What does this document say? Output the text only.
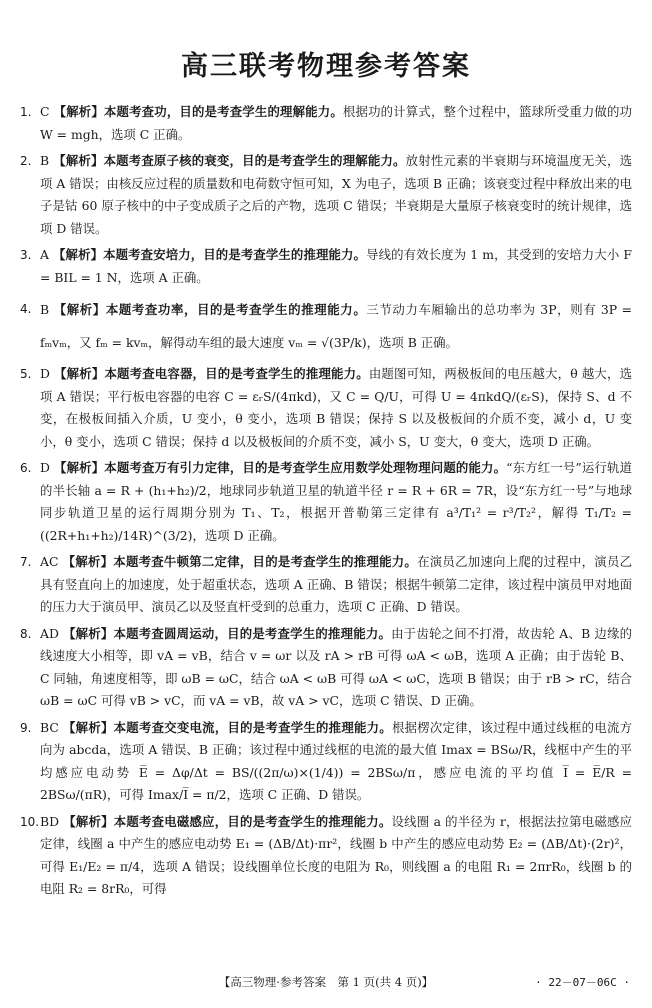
高三联考物理参考答案
1. C 【解析】本题考查功，目的是考查学生的理解能力。根据功的计算式，整个过程中，篮球所受重力做的功 W = mgh，选项 C 正确。
2. B 【解析】本题考查原子核的衰变，目的是考查学生的理解能力。放射性元素的半衰期与环境温度无关，选项 A 错误；由核反应过程的质量数和电荷数守恒可知，X 为电子，选项 B 正确；该衰变过程中释放出来的电子是钴 60 原子核中的中子变成质子之后的产物，选项 C 错误；半衰期是大量原子核衰变时的统计规律，选项 D 错误。
3. A 【解析】本题考查安培力，目的是考查学生的推理能力。导线的有效长度为 1 m，其受到的安培力大小 F = BIL = 1 N，选项 A 正确。
4. B 【解析】本题考查功率，目的是考查学生的推理能力。三节动力车厢输出的总功率为 3P，则有 3P = fₘvₘ，又 fₘ = kvₘ，解得动车组的最大速度 vₘ = √(3P/k)，选项 B 正确。
5. D 【解析】本题考查电容器，目的是考查学生的推理能力。由题图可知，两极板间的电压越大，θ 越大，选项 A 错误；平行板电容器的电容 C = εᵣS/(4πkd)，又 C = Q/U，可得 U = 4πkdQ/(εᵣS)，保持 S、d 不变，在极板间插入介质，U 变小，θ 变小，选项 B 错误；保持 S 以及极板间的介质不变，减小 d，U 变小，θ 变小，选项 C 错误；保持 d 以及极板间的介质不变，减小 S，U 变大，θ 变大，选项 D 正确。
6. D 【解析】本题考查万有引力定律，目的是考查学生应用数学处理物理问题的能力。“东方红一号”运行轨道的半长轴 a = R + (h₁+h₂)/2，地球同步轨道卫星的轨道半径 r = R + 6R = 7R，设“东方红一号”与地球同步轨道卫星的运行周期分别为 T₁、T₂，根据开普勒第三定律有 a³/T₁² = r³/T₂²，解得 T₁/T₂ = ((2R+h₁+h₂)/14R)^(3/2)，选项 D 正确。
7. AC 【解析】本题考查牛顿第二定律，目的是考查学生的推理能力。在演员乙加速向上爬的过程中，演员乙具有竖直向上的加速度，处于超重状态，选项 A 正确、B 错误；根据牛顿第二定律，该过程中演员甲对地面的压力大于演员甲、演员乙以及竖直杆受到的总重力，选项 C 正确、D 错误。
8. AD 【解析】本题考查圆周运动，目的是考查学生的推理能力。由于齿轮之间不打滑，故齿轮 A、B 边缘的线速度大小相等，即 vA = vB，结合 v = ωr 以及 rA > rB 可得 ωA < ωB，选项 A 正确；由于齿轮 B、C 同轴，角速度相等，即 ωB = ωC，结合 ωA < ωB 可得 ωA < ωC，选项 B 错误；由于 rB > rC，结合 ωB = ωC 可得 vB > vC，而 vA = vB，故 vA > vC，选项 C 错误、D 正确。
9. BC 【解析】本题考查交变电流，目的是考查学生的推理能力。根据楞次定律，该过程中通过线框的电流方向为 abcda，选项 A 错误、B 正确；该过程中通过线框的电流的最大值 Imax = BSω/R，线框中产生的平均感应电动势 E̅ = Δφ/Δt = BS/((2π/ω)×(1/4)) = 2BSω/π，感应电流的平均值 I̅ = E̅/R = 2BSω/(πR)，可得 Imax/I̅ = π/2，选项 C 正确、D 错误。
10. BD 【解析】本题考查电磁感应，目的是考查学生的推理能力。设线圈 a 的半径为 r，根据法拉第电磁感应定律，线圈 a 中产生的感应电动势 E₁ = (ΔB/Δt)·πr²，线圈 b 中产生的感应电动势 E₂ = (ΔB/Δt)·(2r)²，可得 E₁/E₂ = π/4，选项 A 错误；设线圈单位长度的电阻为 R₀，则线圈 a 的电阻 R₁ = 2πrR₀，线圈 b 的电阻 R₂ = 8rR₀，可得
【高三物理·参考答案　第 1 页(共 4 页)】	· 22－07－06C ·
